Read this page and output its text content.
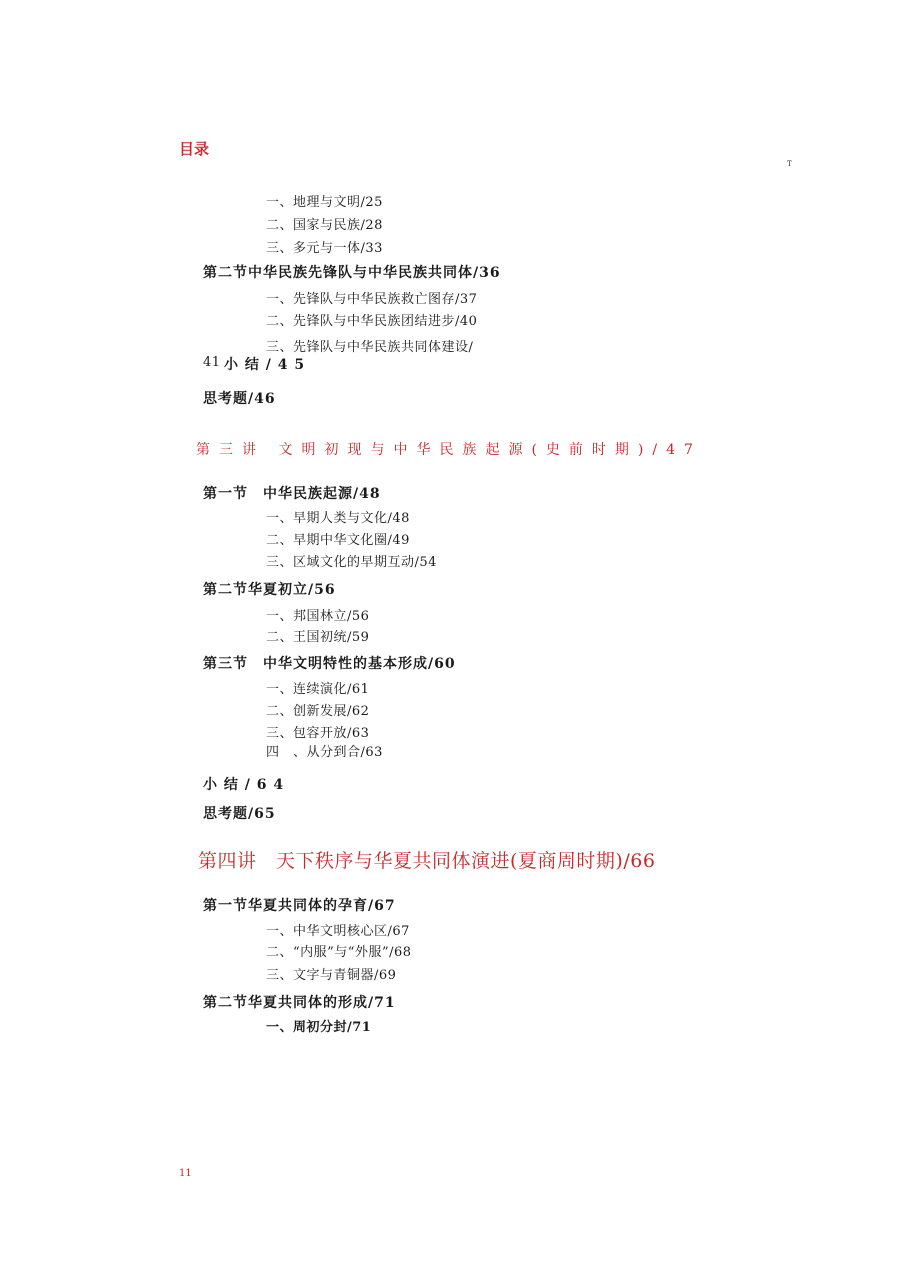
目录
T
一、地理与文明/25
二、国家与民族/28
三、多元与一体/33
第二节中华民族先锋队与中华民族共同体/36
一、先锋队与中华民族救亡图存/37
二、先锋队与中华民族团结进步/40
三、先锋队与中华民族共同体建设/
41 小 结 / 4 5
思考题/46
第三讲 文明初现与中华民族起源(史前时期)/47
第一节　中华民族起源/48
一、早期人类与文化/48
二、早期中华文化圈/49
三、区域文化的早期互动/54
第二节华夏初立/56
一、邦国林立/56
二、王国初统/59
第三节　中华文明特性的基本形成/60
一、连续演化/61
二、创新发展/62
三、包容开放/63
四　、从分到合/63
小 结 / 6 4
思考题/65
第四讲　天下秩序与华夏共同体演进(夏商周时期)/66
第一节华夏共同体的孕育/67
一、中华文明核心区/67
二、“内服”与“外服”/68
三、文字与青铜器/69
第二节华夏共同体的形成/71
一、周初分封/71
11
